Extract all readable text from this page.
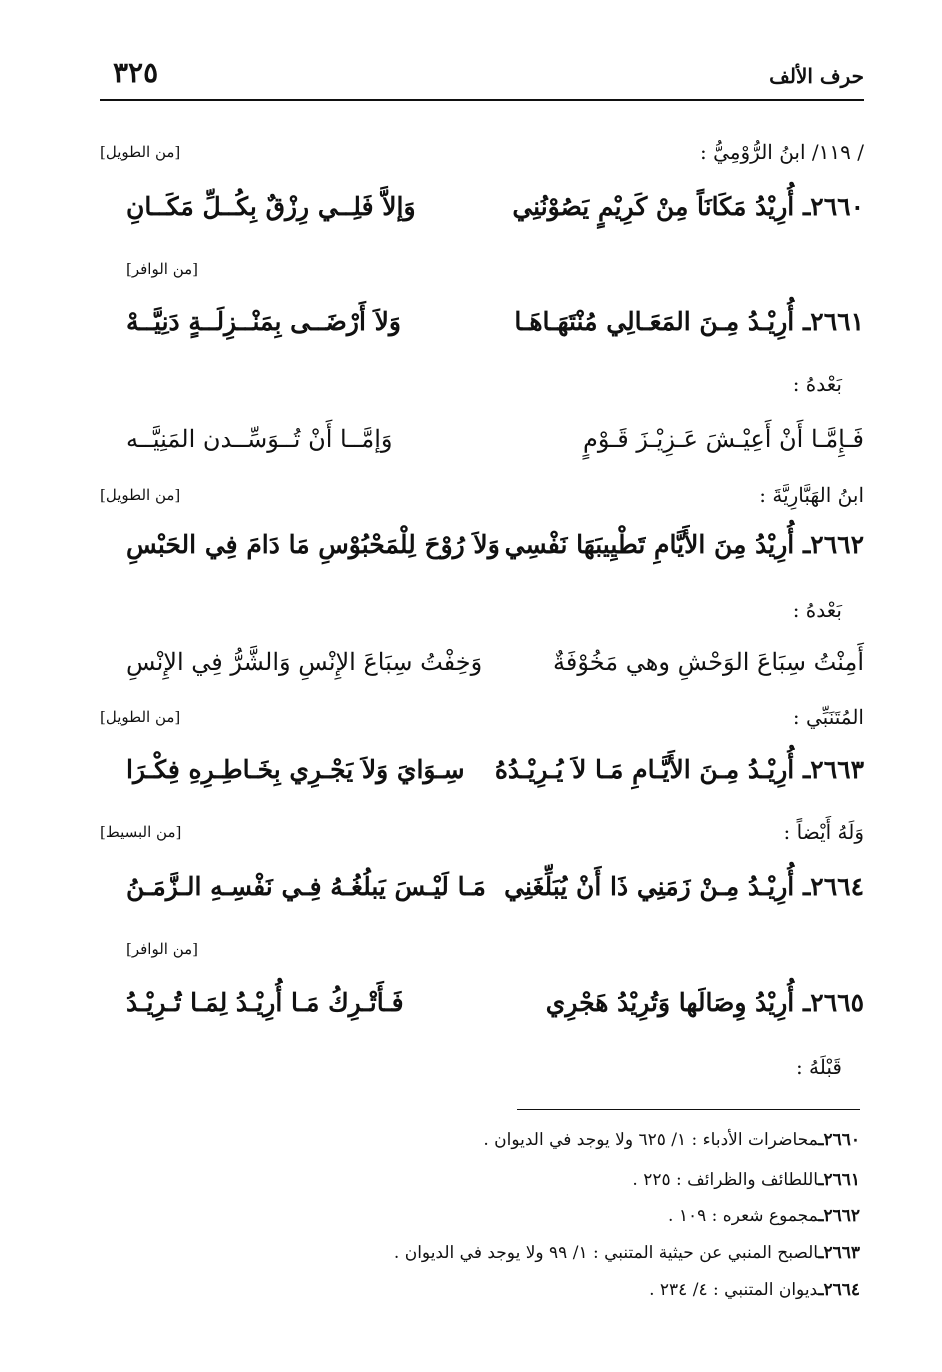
حرف الألف
٣٢٥
/ ١١٩/ ابنُ الرُّوْمِيُّ :
[من الطويل]
٢٦٦٠ـ أُرِيْدُ مَكَانَاً مِنْ كَرِيْمٍ يَصُوْنُنِي
وَإلاَّ فَلِــي رِزْقٌ بِكُــلِّ مَكَــانِ
[من الوافر]
٢٦٦١ـ أُرِيْـدُ مِـنَ المَعَـالِي مُنْتَهَـاهَـا
وَلاَ أَرْضَــى بِمَنْــزِلَــةٍ دَنِيَّــهْ
بَعْدهُ :
فَـإِمَّـا أَنْ أَعِيْـشَ عَـزِيْـزَ قَـوْمٍ
وَإمَّــا أَنْ تُــوَسِّــدن المَنِيَّــه
ابنُ الهَبَّارِيَّةَ :
[من الطويل]
٢٦٦٢ـ أُرِيْدُ مِنَ الأَيَّامِ تَطْيِيبَهَا نَفْسِي
وَلاَ رُوْحَ لِلْمَحْبُوْسِ مَا دَامَ فِي الحَبْسِ
بَعْدهُ :
أَمِنْتُ سِبَاعَ الوَحْشِ وهي مَخُوْفَةٌ
وَخِفْتُ سِبَاعَ الإِنْسِ وَالشَّرُّ فِي الإِنْسِ
المُتَنَبِّي :
[من الطويل]
٢٦٦٣ـ أُرِيْـدُ مِـنَ الأَيَّـامِ مَـا لاَ يُـرِيْـدُهُ
سِـوَايَ وَلاَ يَجْـرِي بِخَـاطِـرِهِ فِكْـرَا
وَلَهُ أَيْضاً :
[من البسيط]
٢٦٦٤ـ أُرِيْـدُ مِـنْ زَمَنِي ذَا أَنْ يُبَلِّغَنِي
مَـا لَيْـسَ يَبلُغُـهُ فِـي نَفْسِـهِ الـزَّمَـنُ
[من الوافر]
٢٦٦٥ـ أُرِيْدُ وِصَالَها وَتُرِيْدُ هَجْرِي
فَـأَتْـرِكُ مَـا أُرِيْـدُ لِمَـا تُـرِيْـدُ
قَبْلَهُ :
٢٦٦٠ـمحاضرات الأدباء : ١/ ٦٢٥ ولا يوجد في الديوان .
٢٦٦١ـاللطائف والظرائف : ٢٢٥ .
٢٦٦٢ـمجموع شعره : ١٠٩ .
٢٦٦٣ـالصبح المنبي عن حيثية المتنبي : ١/ ٩٩ ولا يوجد في الديوان .
٢٦٦٤ـديوان المتنبي : ٤/ ٢٣٤ .
